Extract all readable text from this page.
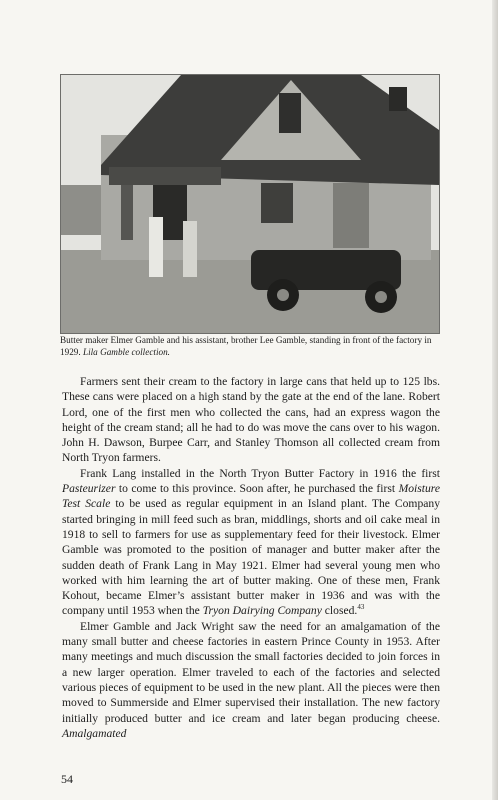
Butter maker Elmer Gamble and his assistant, brother Lee Gamble, standing in front of the factory in 1929. Lila Gamble collection.

Farmers sent their cream to the factory in large cans that held up to 125 lbs. These cans were placed on a high stand by the gate at the end of the lane. Robert Lord, one of the first men who collected the cans, had an express wagon the height of the cream stand; all he had to do was move the cans over to his wagon. John H. Dawson, Burpee Carr, and Stanley Thomson all collected cream from North Tryon farmers.

Frank Lang installed in the North Tryon Butter Factory in 1916 the first Pasteurizer to come to this province. Soon after, he purchased the first Moisture Test Scale to be used as regular equipment in an Island plant. The Company started bringing in mill feed such as bran, middlings, shorts and oil cake meal in 1918 to sell to farmers for use as supplementary feed for their livestock. Elmer Gamble was promoted to the position of manager and butter maker after the sudden death of Frank Lang in May 1921. Elmer had several young men who worked with him learning the art of butter making. One of these men, Frank Kohout, became Elmer’s assistant butter maker in 1936 and was with the company until 1953 when the Tryon Dairying Company closed.$^{43}$

Elmer Gamble and Jack Wright saw the need for an amalgamation of the many small butter and cheese factories in eastern Prince County in 1953. After many meetings and much discussion the small factories decided to join forces in a new larger operation. Elmer traveled to each of the factories and selected various pieces of equipment to be used in the new plant. All the pieces were then moved to Summerside and Elmer supervised their installation. The new factory initially produced butter and ice cream and later began producing cheese. Amalgamated

54
